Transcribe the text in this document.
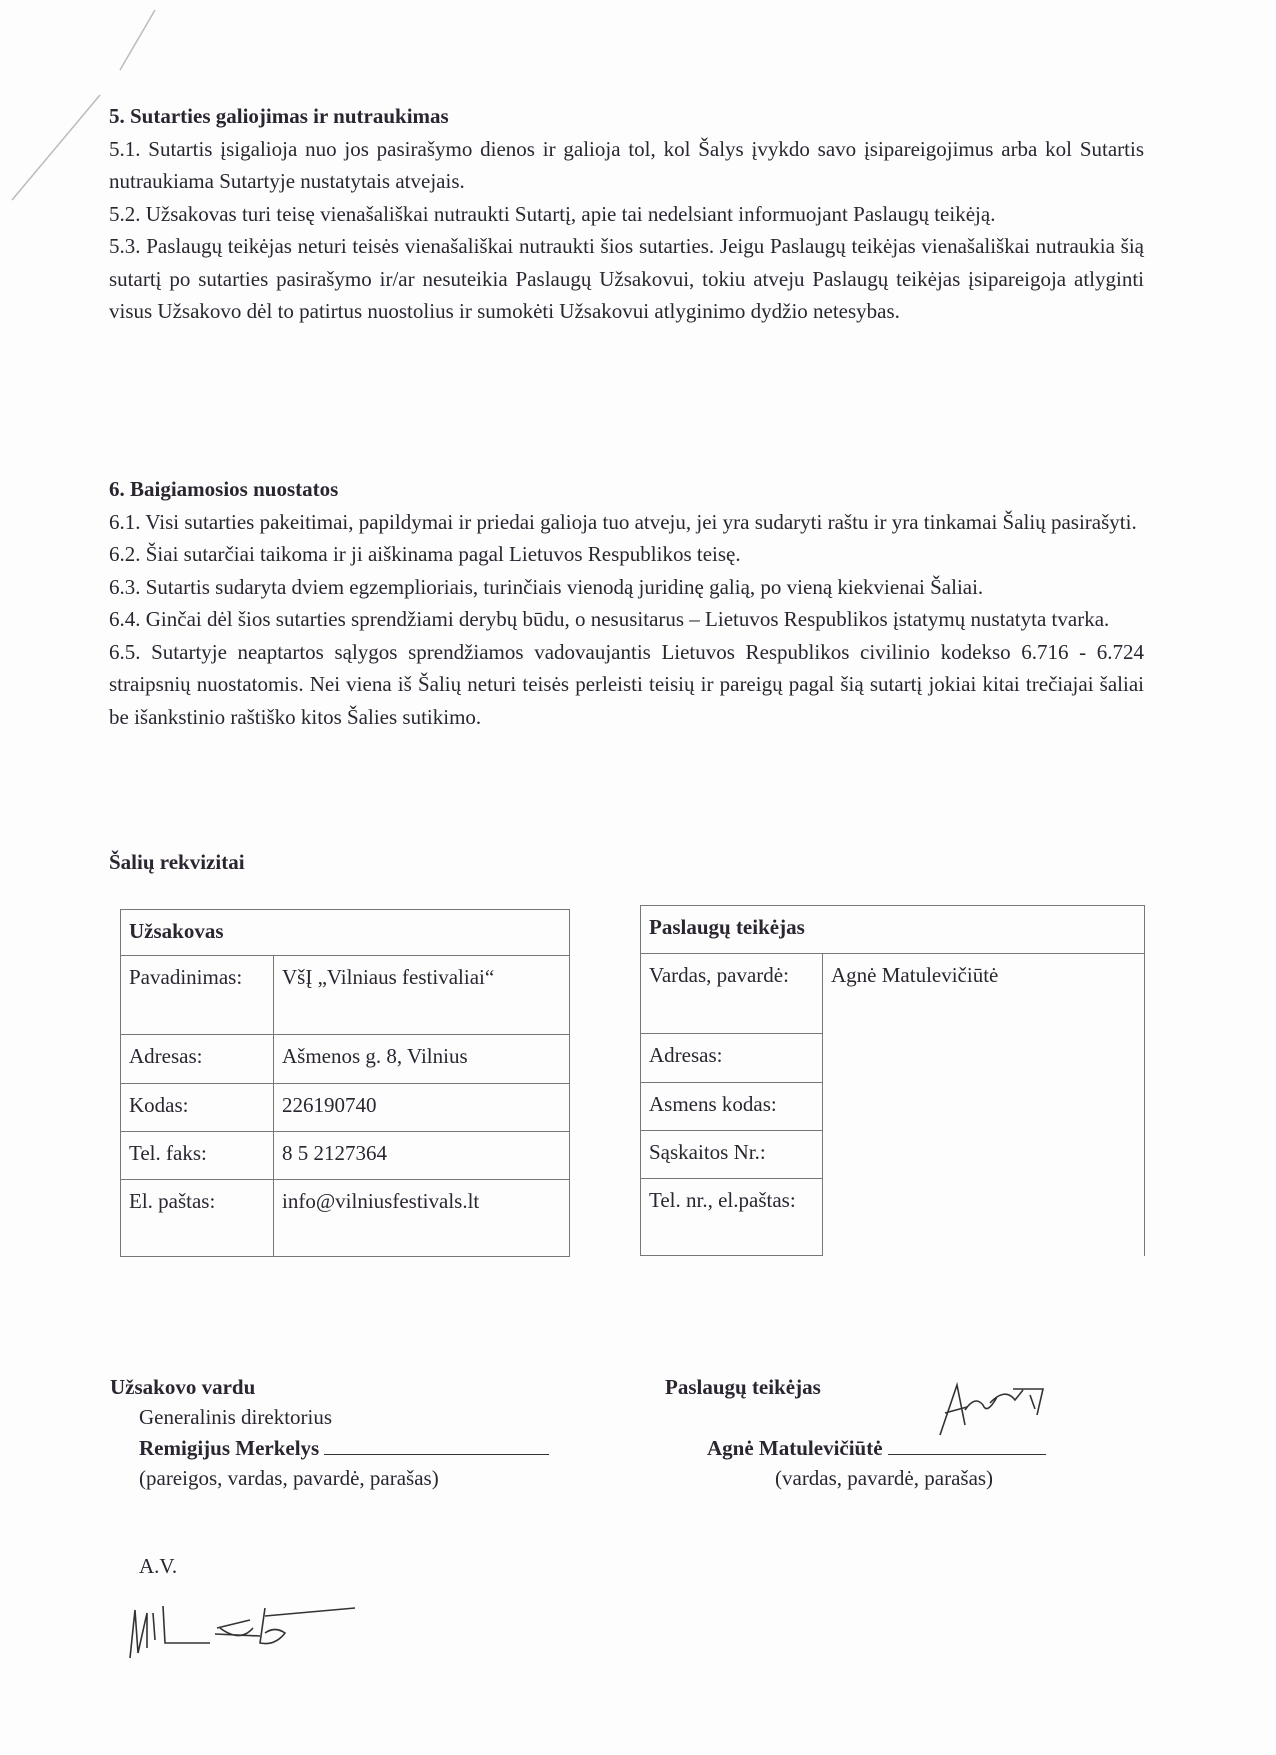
5. Sutarties galiojimas ir nutraukimas

5.1. Sutartis įsigalioja nuo jos pasirašymo dienos ir galioja tol, kol Šalys įvykdo savo įsipareigojimus arba kol Sutartis nutraukiama Sutartyje nustatytais atvejais.

5.2. Užsakovas turi teisę vienašališkai nutraukti Sutartį, apie tai nedelsiant informuojant Paslaugų teikėją.

5.3. Paslaugų teikėjas neturi teisės vienašališkai nutraukti šios sutarties. Jeigu Paslaugų teikėjas vienašališkai nutraukia šią sutartį po sutarties pasirašymo ir/ar nesuteikia Paslaugų Užsakovui, tokiu atveju Paslaugų teikėjas įsipareigoja atlyginti visus Užsakovo dėl to patirtus nuostolius ir sumokėti Užsakovui atlyginimo dydžio netesybas.

6. Baigiamosios nuostatos

6.1. Visi sutarties pakeitimai, papildymai ir priedai galioja tuo atveju, jei yra sudaryti raštu ir yra tinkamai Šalių pasirašyti.

6.2. Šiai sutarčiai taikoma ir ji aiškinama pagal Lietuvos Respublikos teisę.

6.3. Sutartis sudaryta dviem egzemplioriais, turinčiais vienodą juridinę galią, po vieną kiekvienai Šaliai.

6.4. Ginčai dėl šios sutarties sprendžiami derybų būdu, o nesusitarus – Lietuvos Respublikos įstatymų nustatyta tvarka.

6.5. Sutartyje neaptartos sąlygos sprendžiamos vadovaujantis Lietuvos Respublikos civilinio kodekso 6.716 - 6.724 straipsnių nuostatomis. Nei viena iš Šalių neturi teisės perleisti teisių ir pareigų pagal šią sutartį jokiai kitai trečiajai šaliai be išankstinio raštiško kitos Šalies sutikimo.

Šalių rekvizitai
Užsakovas	
Pavadinimas:	VšĮ „Vilniaus festivaliai“
Adresas:	Ašmenos g. 8, Vilnius
Kodas:	226190740
Tel. faks:	8 5 2127364
El. paštas:	info@vilniusfestivals.lt
Paslaugų teikėjas
Vardas, pavardė:	Agnė Matulevičiūtė
Adresas:
Asmens kodas:
Sąskaitos Nr.:
Tel. nr., el.paštas:
Užsakovo vardu
Generalinis direktorius
Remigijus Merkelys
(pareigos, vardas, pavardė, parašas)
A.V.
Paslaugų teikėjas
Agnė Matulevičiūtė
(vardas, pavardė, parašas)
